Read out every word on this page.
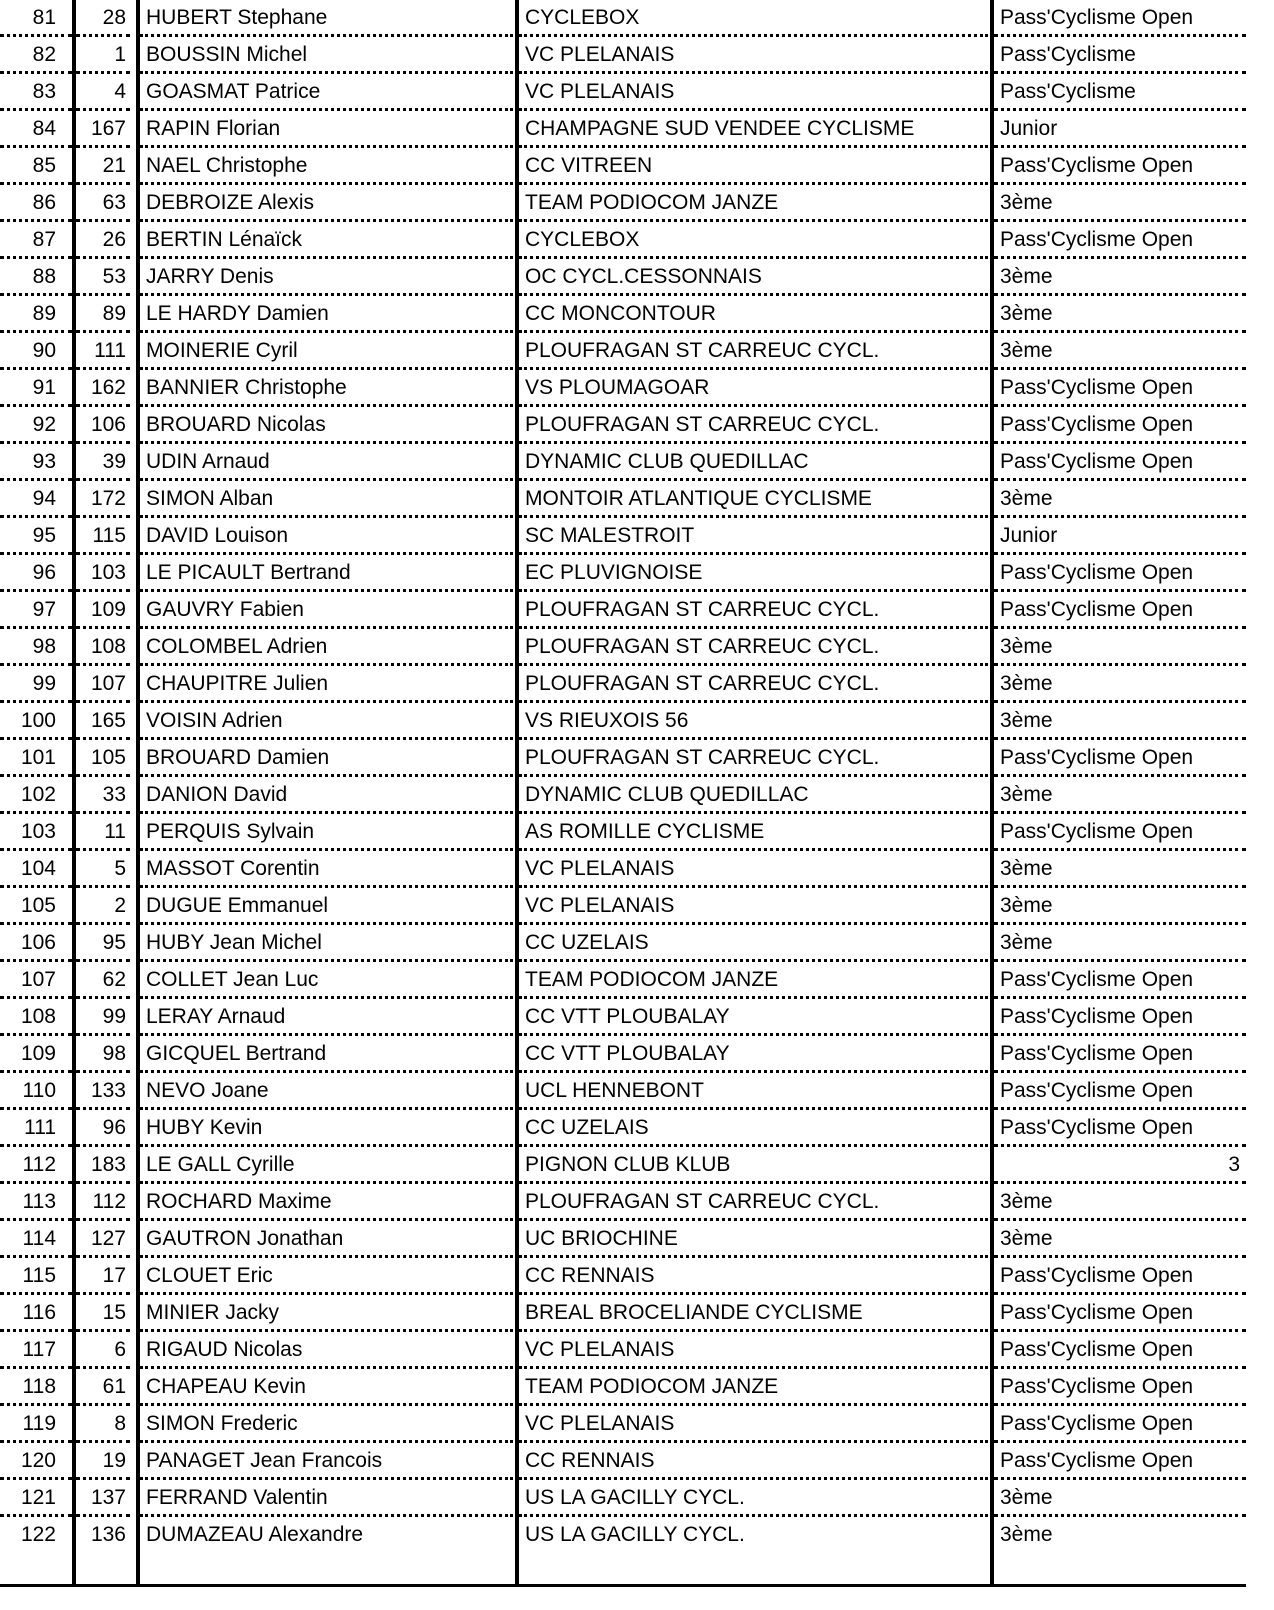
81	28 HUBERT Stephane	CYCLEBOX	Pass'Cyclisme Open
82	1 BOUSSIN Michel	VC PLELANAIS	Pass'Cyclisme
83	4 GOASMAT Patrice	VC PLELANAIS	Pass'Cyclisme
84	167 RAPIN Florian	CHAMPAGNE SUD VENDEE CYCLISME	Junior
85	21 NAEL Christophe	CC VITREEN	Pass'Cyclisme Open
86	63 DEBROIZE Alexis	TEAM PODIOCOM JANZE	3ème
87	26 BERTIN Lénaïck	CYCLEBOX	Pass'Cyclisme Open
88	53 JARRY Denis	OC CYCL.CESSONNAIS	3ème
89	89 LE HARDY Damien	CC MONCONTOUR	3ème
90	111 MOINERIE Cyril	PLOUFRAGAN ST CARREUC CYCL.	3ème
91	162 BANNIER Christophe	VS PLOUMAGOAR	Pass'Cyclisme Open
92	106 BROUARD Nicolas	PLOUFRAGAN ST CARREUC CYCL.	Pass'Cyclisme Open
93	39 UDIN Arnaud	DYNAMIC CLUB QUEDILLAC	Pass'Cyclisme Open
94	172 SIMON Alban	MONTOIR ATLANTIQUE CYCLISME	3ème
95	115 DAVID Louison	SC MALESTROIT	Junior
96	103 LE PICAULT Bertrand	EC PLUVIGNOISE	Pass'Cyclisme Open
97	109 GAUVRY Fabien	PLOUFRAGAN ST CARREUC CYCL.	Pass'Cyclisme Open
98	108 COLOMBEL Adrien	PLOUFRAGAN ST CARREUC CYCL.	3ème
99	107 CHAUPITRE Julien	PLOUFRAGAN ST CARREUC CYCL.	3ème
100	165 VOISIN Adrien	VS RIEUXOIS 56	3ème
101	105 BROUARD Damien	PLOUFRAGAN ST CARREUC CYCL.	Pass'Cyclisme Open
102	33 DANION David	DYNAMIC CLUB QUEDILLAC	3ème
103	11 PERQUIS Sylvain	AS ROMILLE CYCLISME	Pass'Cyclisme Open
104	5 MASSOT Corentin	VC PLELANAIS	3ème
105	2 DUGUE Emmanuel	VC PLELANAIS	3ème
106	95 HUBY Jean Michel	CC UZELAIS	3ème
107	62 COLLET Jean Luc	TEAM PODIOCOM JANZE	Pass'Cyclisme Open
108	99 LERAY Arnaud	CC VTT PLOUBALAY	Pass'Cyclisme Open
109	98 GICQUEL Bertrand	CC VTT PLOUBALAY	Pass'Cyclisme Open
110	133 NEVO Joane	UCL HENNEBONT	Pass'Cyclisme Open
111	96 HUBY Kevin	CC UZELAIS	Pass'Cyclisme Open
112	183 LE GALL Cyrille	PIGNON CLUB KLUB	3
113	112 ROCHARD Maxime	PLOUFRAGAN ST CARREUC CYCL.	3ème
114	127 GAUTRON Jonathan	UC BRIOCHINE	3ème
115	17 CLOUET Eric	CC RENNAIS	Pass'Cyclisme Open
116	15 MINIER Jacky	BREAL BROCELIANDE CYCLISME	Pass'Cyclisme Open
117	6 RIGAUD Nicolas	VC PLELANAIS	Pass'Cyclisme Open
118	61 CHAPEAU Kevin	TEAM PODIOCOM JANZE	Pass'Cyclisme Open
119	8 SIMON Frederic	VC PLELANAIS	Pass'Cyclisme Open
120	19 PANAGET Jean Francois	CC RENNAIS	Pass'Cyclisme Open
121	137 FERRAND Valentin	US LA GACILLY CYCL.	3ème
122	136 DUMAZEAU Alexandre	US LA GACILLY CYCL.	3ème
